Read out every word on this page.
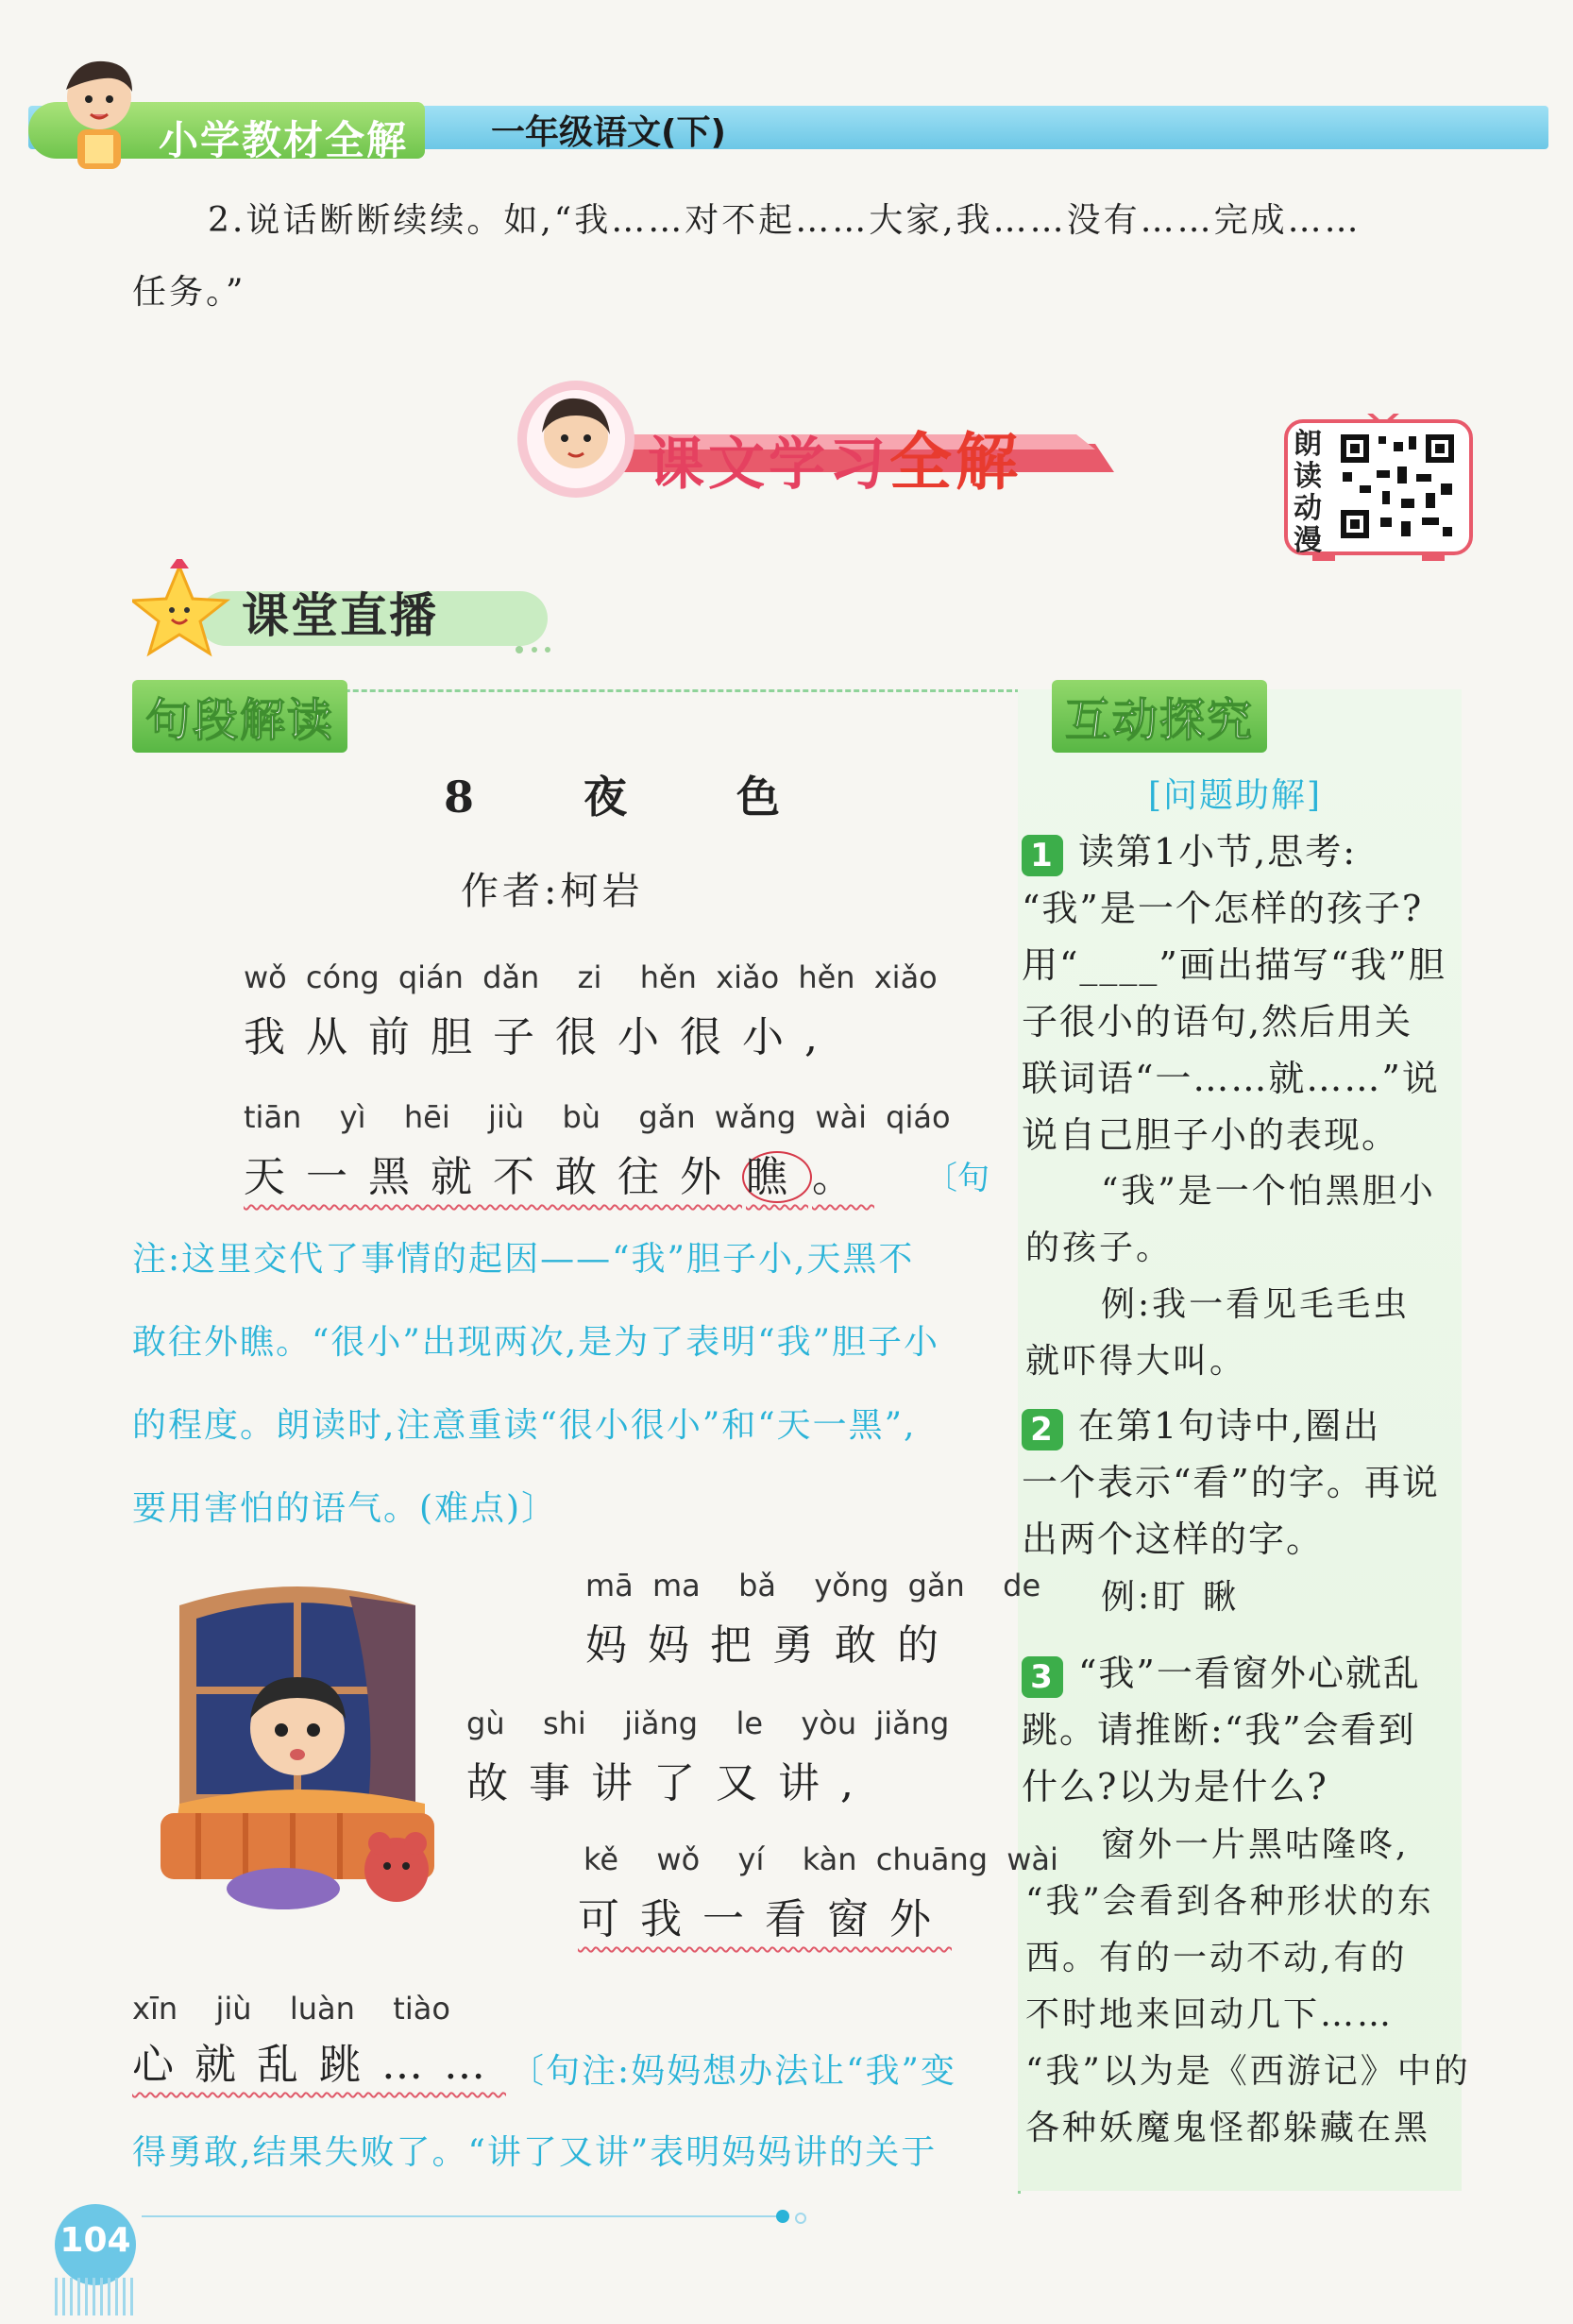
小学教材全解 一年级语文(下)
2.说话断断续续。如,“我……对不起……大家,我……没有……完成……
任务。”
课文学习全解	朗读动漫
课堂直播
句段解读	互动探究
8 夜 色
作者:柯岩
wǒ cóng qián dǎn  zi  hěn xiǎo hěn xiǎo
我从前胆子很小很小,
tiān  yì  hēi  jiù  bù  gǎn wǎng wài qiáo
天一黑就不敢往外瞧。 〔句
注:这里交代了事情的起因——“我”胆子小,天黑不
敢往外瞧。“很小”出现两次,是为了表明“我”胆子小
的程度。朗读时,注意重读“很小很小”和“天一黑”,
要用害怕的语气。(难点)〕
mā ma  bǎ  yǒng gǎn  de
妈妈把勇敢的
gù  shi  jiǎng  le  yòu jiǎng
故事讲了又讲,
kě  wǒ  yí  kàn chuāng wài
可我一看窗外
xīn  jiù  luàn  tiào
心就乱跳…… 〔句注:妈妈想办法让“我”变
得勇敢,结果失败了。“讲了又讲”表明妈妈讲的关于
[问题助解]
1 读第1小节,思考:
“我”是一个怎样的孩子?
用“____”画出描写“我”胆
子很小的语句,然后用关
联词语“一……就……”说
说自己胆子小的表现。
“我”是一个怕黑胆小
的孩子。
例:我一看见毛毛虫
就吓得大叫。
2 在第1句诗中,圈出
一个表示“看”的字。再说
出两个这样的字。
例:盯 瞅
3 “我”一看窗外心就乱
跳。请推断:“我”会看到
什么?以为是什么?
窗外一片黑咕隆咚,
“我”会看到各种形状的东
西。有的一动不动,有的
不时地来回动几下……
“我”以为是《西游记》中的
各种妖魔鬼怪都躲藏在黑
104
